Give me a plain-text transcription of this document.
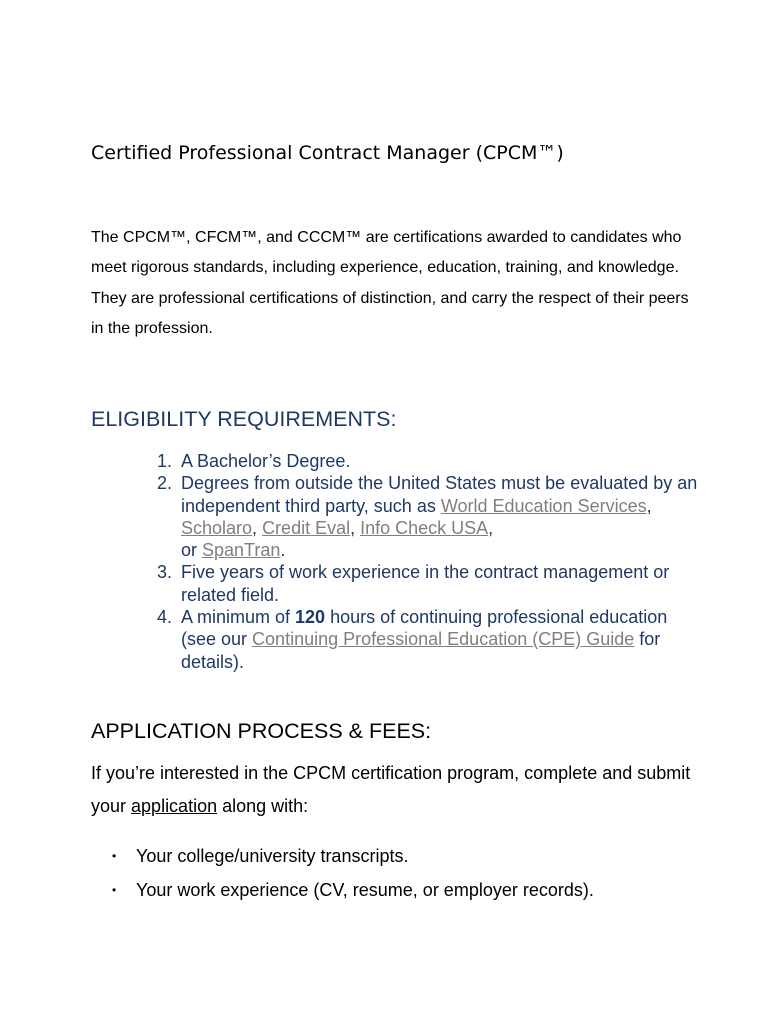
Certified Professional Contract Manager (CPCM™)

The CPCM™, CFCM™, and CCCM™ are certifications awarded to candidates who meet rigorous standards, including experience, education, training, and knowledge. They are professional certifications of distinction, and carry the respect of their peers in the profession.

ELIGIBILITY REQUIREMENTS:
1. A Bachelor’s Degree.
2. Degrees from outside the United States must be evaluated by an independent third party, such as World Education Services, Scholaro, Credit Eval, Info Check USA,
or SpanTran.
3. Five years of work experience in the contract management or related field.
4. A minimum of 120 hours of continuing professional education (see our Continuing Professional Education (CPE) Guide for details).
APPLICATION PROCESS & FEES:

If you’re interested in the CPCM certification program, complete and submit your application along with:

• Your college/university transcripts.
• Your work experience (CV, resume, or employer records).
